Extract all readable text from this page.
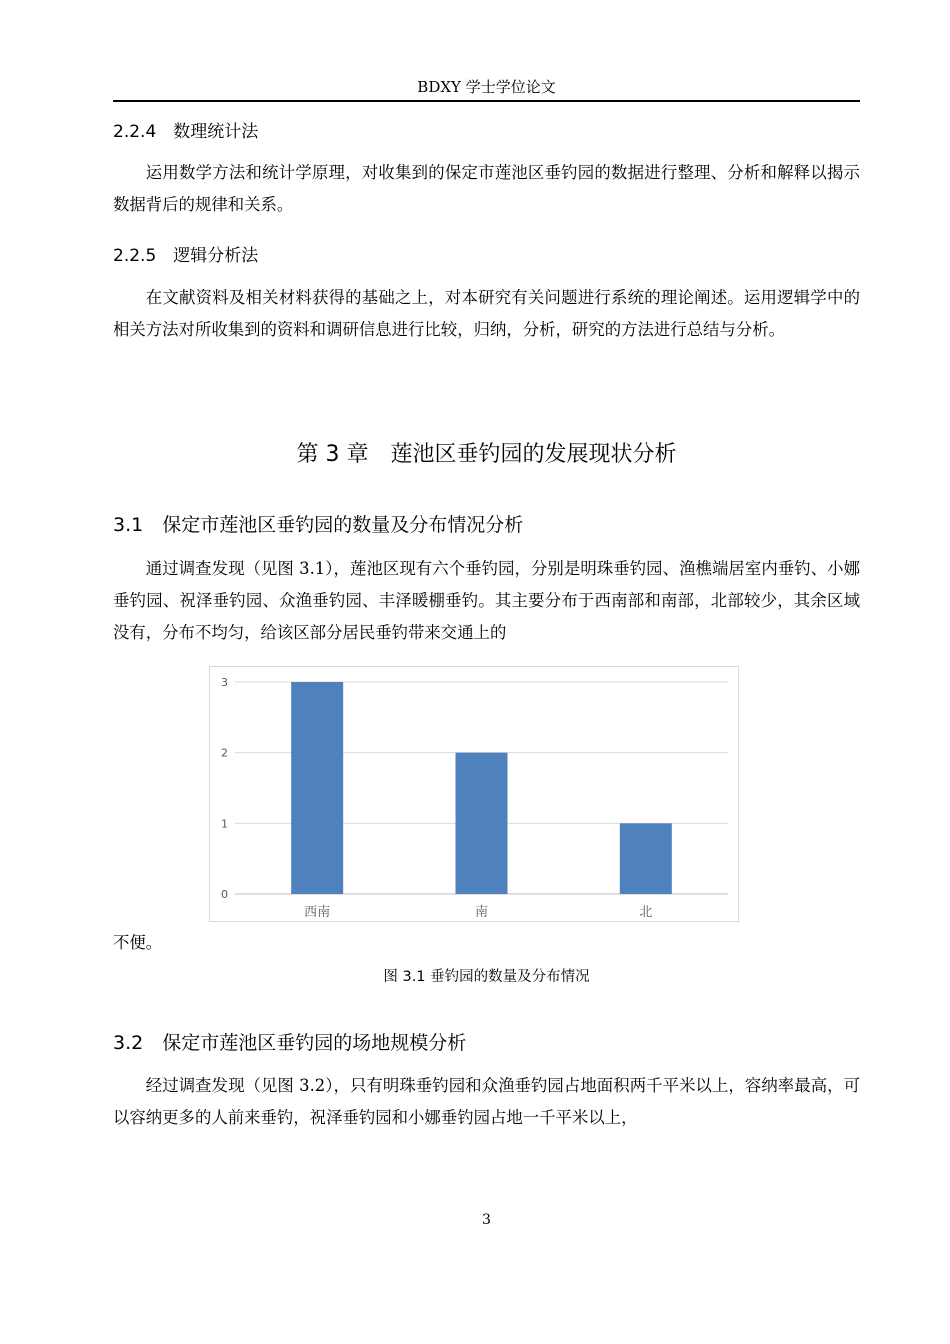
BDXY 学士学位论文
2.2.4　数理统计法
运用数学方法和统计学原理，对收集到的保定市莲池区垂钓园的数据进行整理、分析和解释以揭示数据背后的规律和关系。
2.2.5　逻辑分析法
在文献资料及相关材料获得的基础之上，对本研究有关问题进行系统的理论阐述。运用逻辑学中的相关方法对所收集到的资料和调研信息进行比较，归纳，分析，研究的方法进行总结与分析。
第 3 章　莲池区垂钓园的发展现状分析
3.1　保定市莲池区垂钓园的数量及分布情况分析
通过调查发现（见图 3.1），莲池区现有六个垂钓园，分别是明珠垂钓园、渔樵端居室内垂钓、小娜垂钓园、祝泽垂钓园、众渔垂钓园、丰泽暖棚垂钓。其主要分布于西南部和南部，北部较少，其余区域没有，分布不均匀，给该区部分居民垂钓带来交通上的
0
1
2
3
西南	南	北
不便。
图 3.1 垂钓园的数量及分布情况
3.2　保定市莲池区垂钓园的场地规模分析
经过调查发现（见图 3.2），只有明珠垂钓园和众渔垂钓园占地面积两千平米以上，容纳率最高，可以容纳更多的人前来垂钓，祝泽垂钓园和小娜垂钓园占地一千平米以上，
3
